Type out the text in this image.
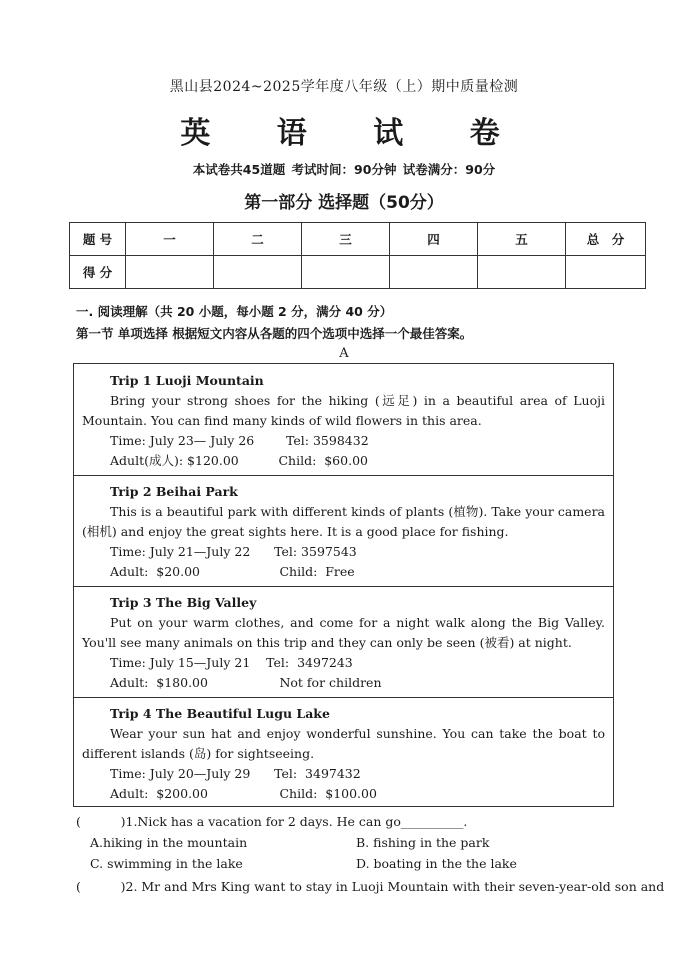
黑山县2024~2025学年度八年级（上）期中质量检测
英 语 试 卷
本试卷共45道题 考试时间：90分钟 试卷满分：90分
第一部分 选择题（50分）
题 号	一	二	三	四	五	总　分
得 分						
一. 阅读理解（共 20 小题，每小题 2 分，满分 40 分）
第一节 单项选择 根据短文内容从各题的四个选项中选择一个最佳答案。
A
Trip 1 Luoji Mountain
Bring your strong shoes for the hiking (远足) in a beautiful area of Luoji Mountain. You can find many kinds of wild flowers in this area.
Time: July 23— July 26        Tel: 3598432
Adult(成人): $120.00          Child:  $60.00
Trip 2 Beihai Park
This is a beautiful park with different kinds of plants (植物). Take your camera (相机) and enjoy the great sights here. It is a good place for fishing.
Time: July 21—July 22      Tel: 3597543
Adult:  $20.00                    Child:  Free
Trip 3 The Big Valley
Put on your warm clothes, and come for a night walk along the Big Valley. You'll see many animals on this trip and they can only be seen (被看) at night.
Time: July 15—July 21    Tel:  3497243
Adult:  $180.00                  Not for children
Trip 4 The Beautiful Lugu Lake
Wear your sun hat and enjoy wonderful sunshine. You can take the boat to different islands (岛) for sightseeing.
Time: July 20—July 29      Tel:  3497432
Adult:  $200.00                  Child:  $100.00
(          )1.Nick has a vacation for 2 days. He can go__________.
A.hiking in the mountain	B. fishing in the park
C. swimming in the lake	D. boating in the the lake
(          )2. Mr and Mrs King want to stay in Luoji Mountain with their seven-year-old son and
